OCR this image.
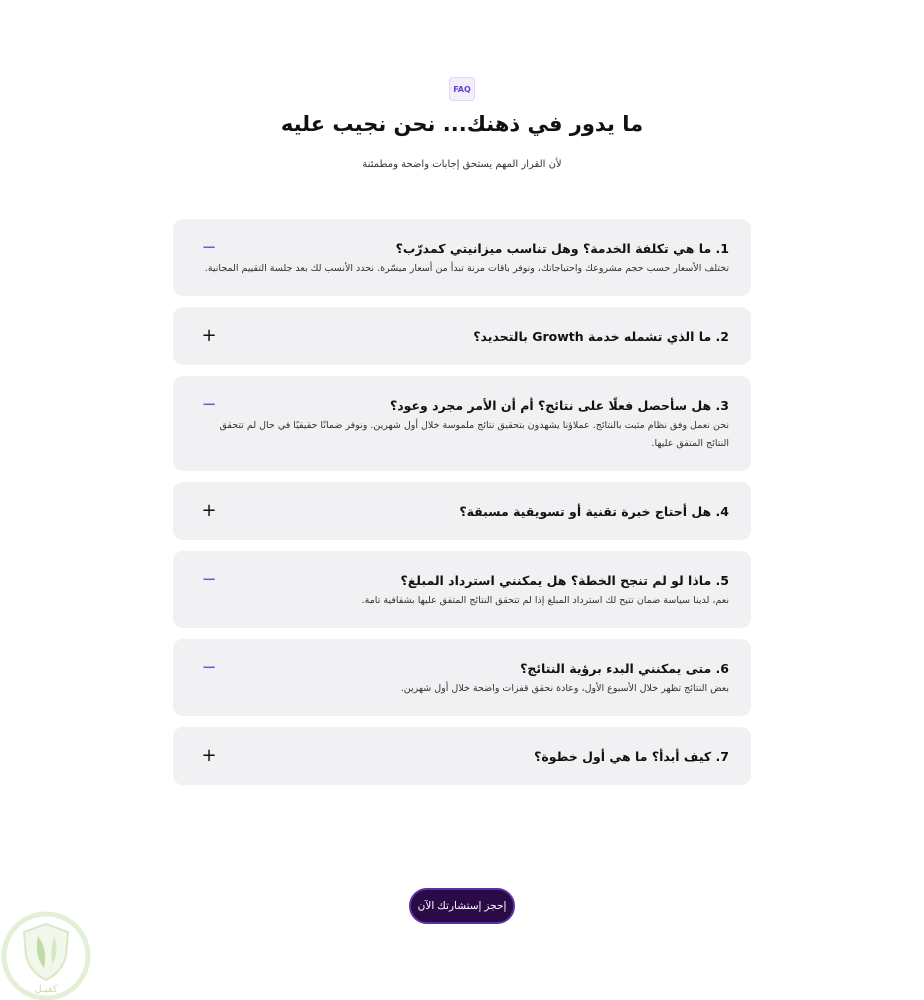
FAQ
ما يدور في ذهنك... نحن نجيب عليه

لأن القرار المهم يستحق إجابات واضحة ومطمئنة

−	1. ما هي تكلفة الخدمة؟ وهل تناسب ميزانيتي كمدرّب؟

تختلف الأسعار حسب حجم مشروعك واحتياجاتك، ونوفر باقات مرنة تبدأ من أسعار ميسّرة. نحدد الأنسب لك بعد جلسة التقييم المجانية.

+	2. ما الذي تشمله خدمة Growth بالتحديد؟
−	3. هل سأحصل فعلًا على نتائج؟ أم أن الأمر مجرد وعود؟

نحن نعمل وفق نظام مثبت بالنتائج. عملاؤنا يشهدون بتحقيق نتائج ملموسة خلال أول شهرين. ونوفر ضمانًا حقيقيًا في حال لم تتحقق النتائج المتفق عليها.

+	4. هل أحتاج خبرة تقنية أو تسويقية مسبقة؟
−	5. ماذا لو لم تنجح الخطة؟ هل يمكنني استرداد المبلغ؟

نعم، لدينا سياسة ضمان تتيح لك استرداد المبلغ إذا لم تتحقق النتائج المتفق عليها بشفافية تامة.

−	6. متى يمكنني البدء برؤية النتائج؟

بعض النتائج تظهر خلال الأسبوع الأول، وعادة نحقق قفزات واضحة خلال أول شهرين.

+	7. كيف أبدأ؟ ما هي أول خطوة؟
إحجز إستشارتك الآن
كفيـل
